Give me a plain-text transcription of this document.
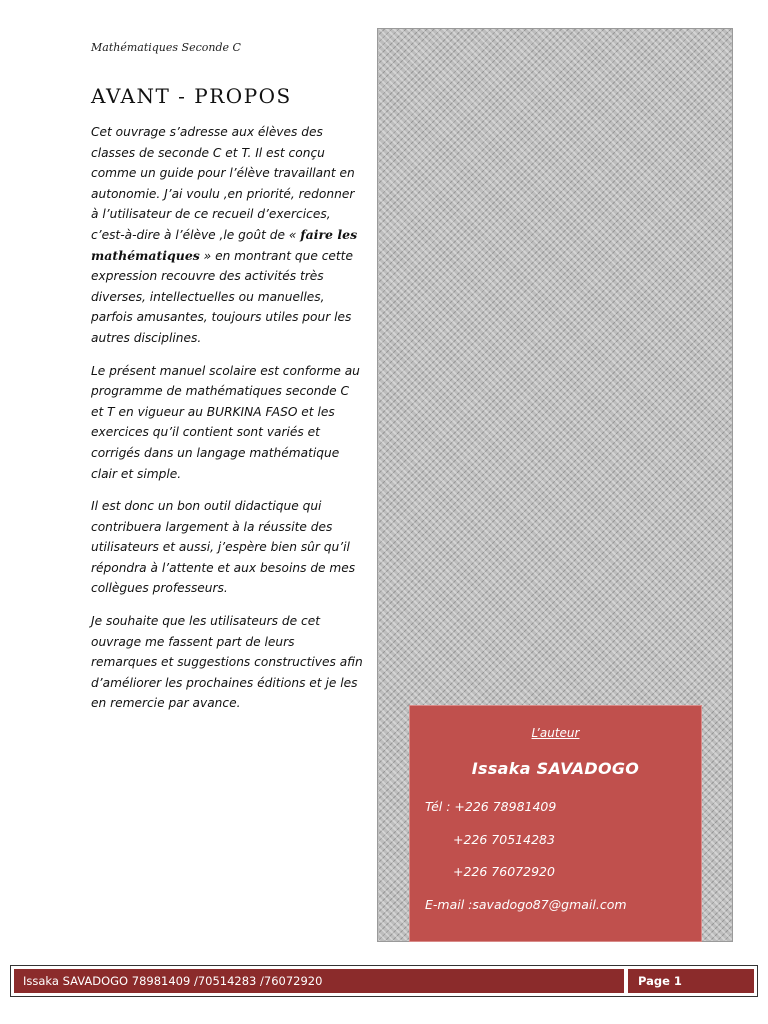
Mathématiques Seconde C
AVANT - PROPOS

Cet ouvrage s’adresse aux élèves des classes de seconde C et T. Il est conçu comme un guide pour l’élève travaillant en autonomie. J’ai voulu ,en priorité, redonner à l’utilisateur de ce recueil d’exercices, c’est-à-dire à l’élève ,le goût de « faire les mathématiques » en montrant que cette expression recouvre des activités très diverses, intellectuelles ou manuelles, parfois amusantes, toujours utiles pour les autres disciplines.

Le présent manuel scolaire est conforme au programme de mathématiques seconde C et T en vigueur au BURKINA FASO et les exercices qu’il contient sont variés et corrigés dans un langage mathématique clair et simple.

Il est donc un bon outil didactique qui contribuera largement à la réussite des utilisateurs et aussi, j’espère bien sûr qu’il répondra à l’attente et aux besoins de mes collègues professeurs.

Je souhaite que les utilisateurs de cet ouvrage me fassent part de leurs remarques et suggestions constructives afin d’améliorer les prochaines éditions et je les en remercie par avance.

L’auteur
Issaka SAVADOGO
Tél : +226 78981409
+226 70514283
+226 76072920
E-mail :savadogo87@gmail.com
Issaka SAVADOGO 78981409 /70514283 /76072920	Page 1
